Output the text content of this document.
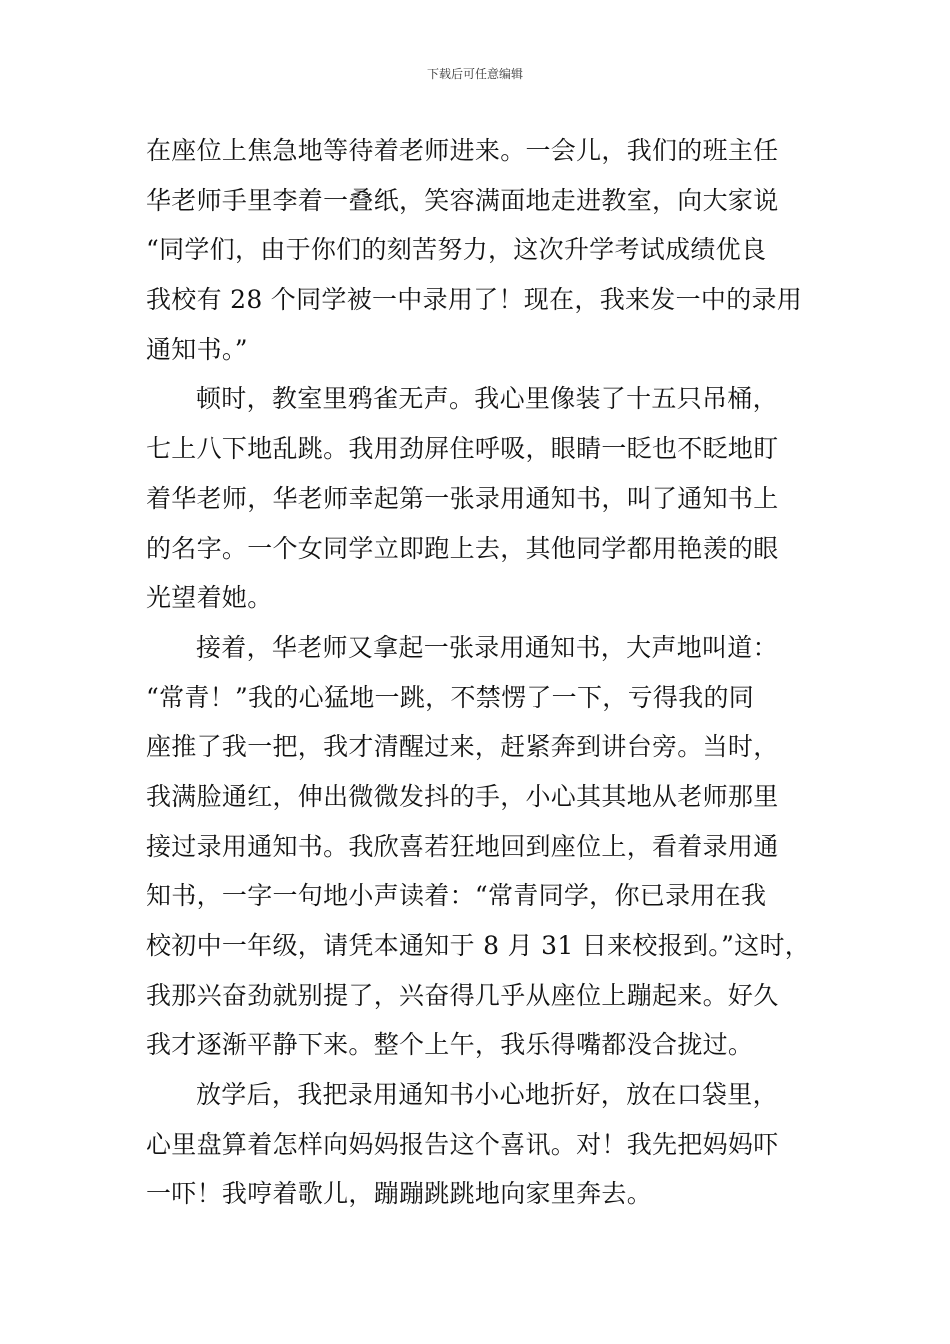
下载后可任意编辑
在座位上焦急地等待着老师进来。一会儿，我们的班主任
华老师手里李着一叠纸，笑容满面地走进教室，向大家说
“同学们，由于你们的刻苦努力，这次升学考试成绩优良
我校有 28 个同学被一中录用了！现在，我来发一中的录用
通知书。”
顿时，教室里鸦雀无声。我心里像装了十五只吊桶，
七上八下地乱跳。我用劲屏住呼吸，眼睛一眨也不眨地盯
着华老师，华老师幸起第一张录用通知书，叫了通知书上
的名字。一个女同学立即跑上去，其他同学都用艳羡的眼
光望着她。
接着，华老师又拿起一张录用通知书，大声地叫道：
“常青！”我的心猛地一跳，不禁愣了一下，亏得我的同
座推了我一把，我才清醒过来，赶紧奔到讲台旁。当时，
我满脸通红，伸出微微发抖的手，小心其其地从老师那里
接过录用通知书。我欣喜若狂地回到座位上，看着录用通
知书，一字一句地小声读着：“常青同学，你已录用在我
校初中一年级，请凭本通知于 8 月 31 日来校报到。”这时，
我那兴奋劲就别提了，兴奋得几乎从座位上蹦起来。好久
我才逐渐平静下来。整个上午，我乐得嘴都没合拢过。
放学后，我把录用通知书小心地折好，放在口袋里，
心里盘算着怎样向妈妈报告这个喜讯。对！我先把妈妈吓
一吓！我哼着歌儿，蹦蹦跳跳地向家里奔去。
